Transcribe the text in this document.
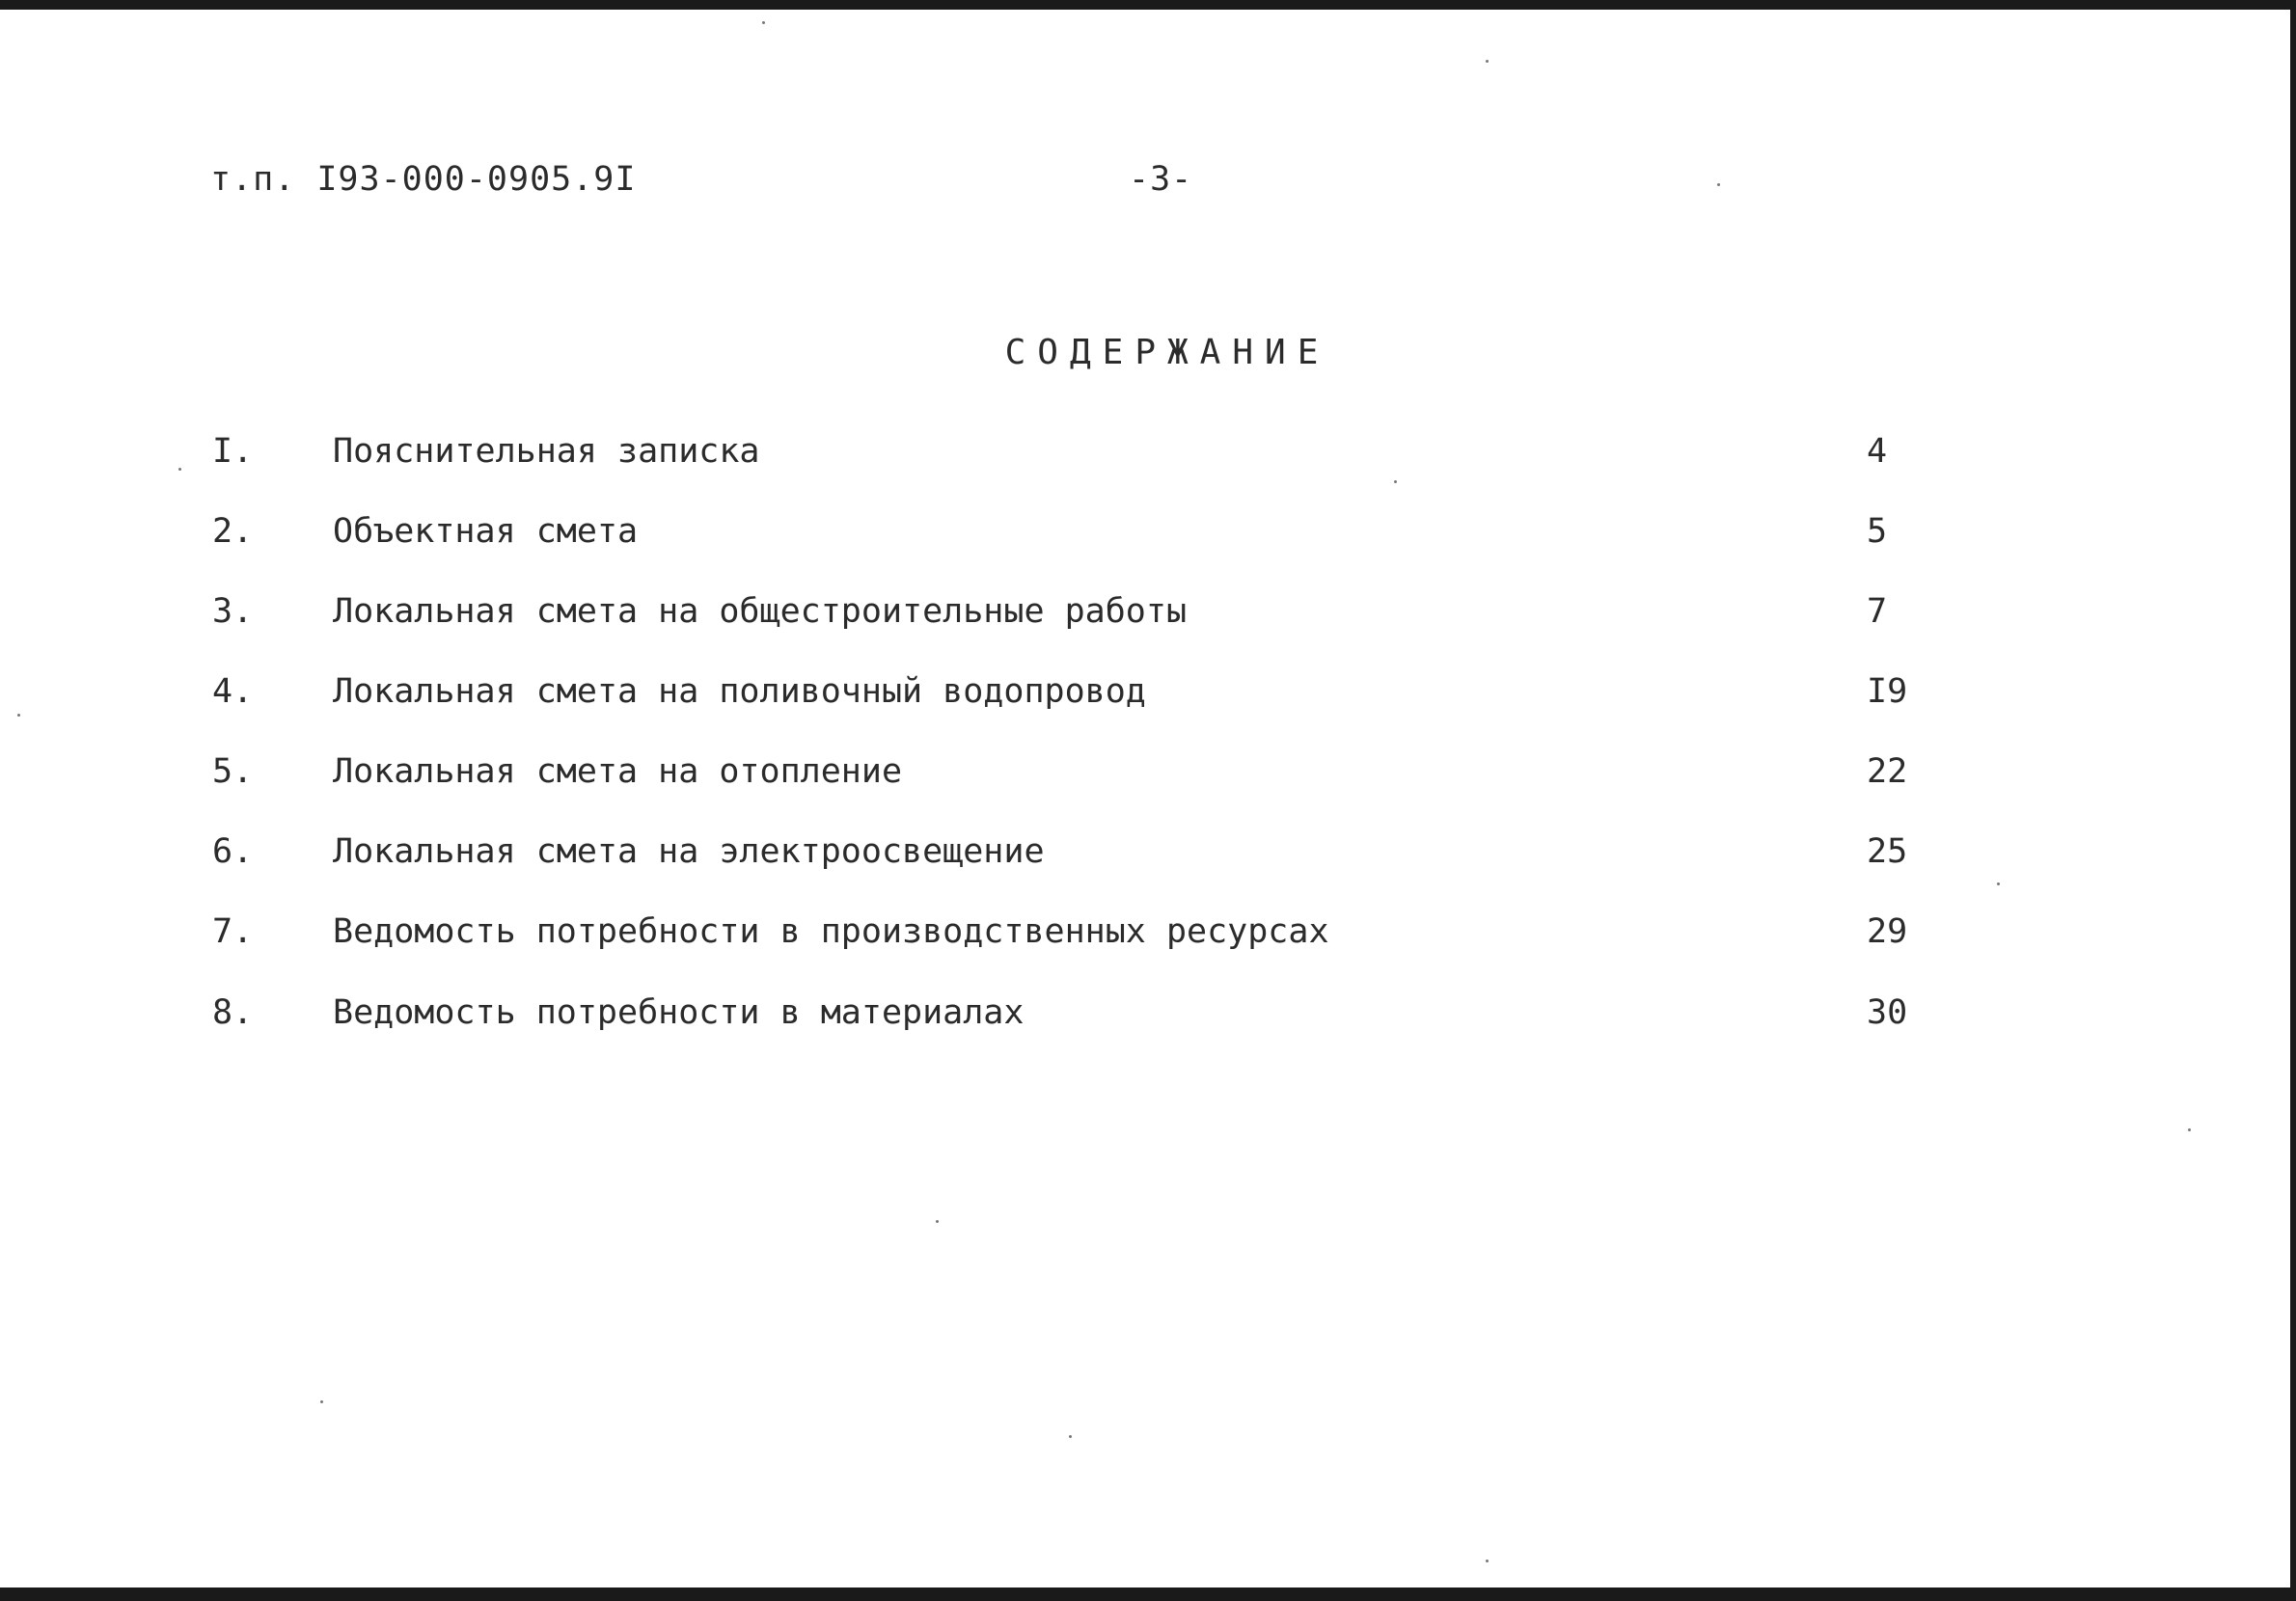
т.п. I93-000-0905.9I	-3-
СОДЕРЖАНИЕ
I. Пояснительная записка	4
2. Объектная смета	5
3. Локальная смета на общестроительные работы	7
4. Локальная смета на поливочный водопровод	I9
5. Локальная смета на отопление	22
6. Локальная смета на электроосвещение	25
7. Ведомость потребности в производственных ресурсах	29
8. Ведомость потребности в материалах	30
